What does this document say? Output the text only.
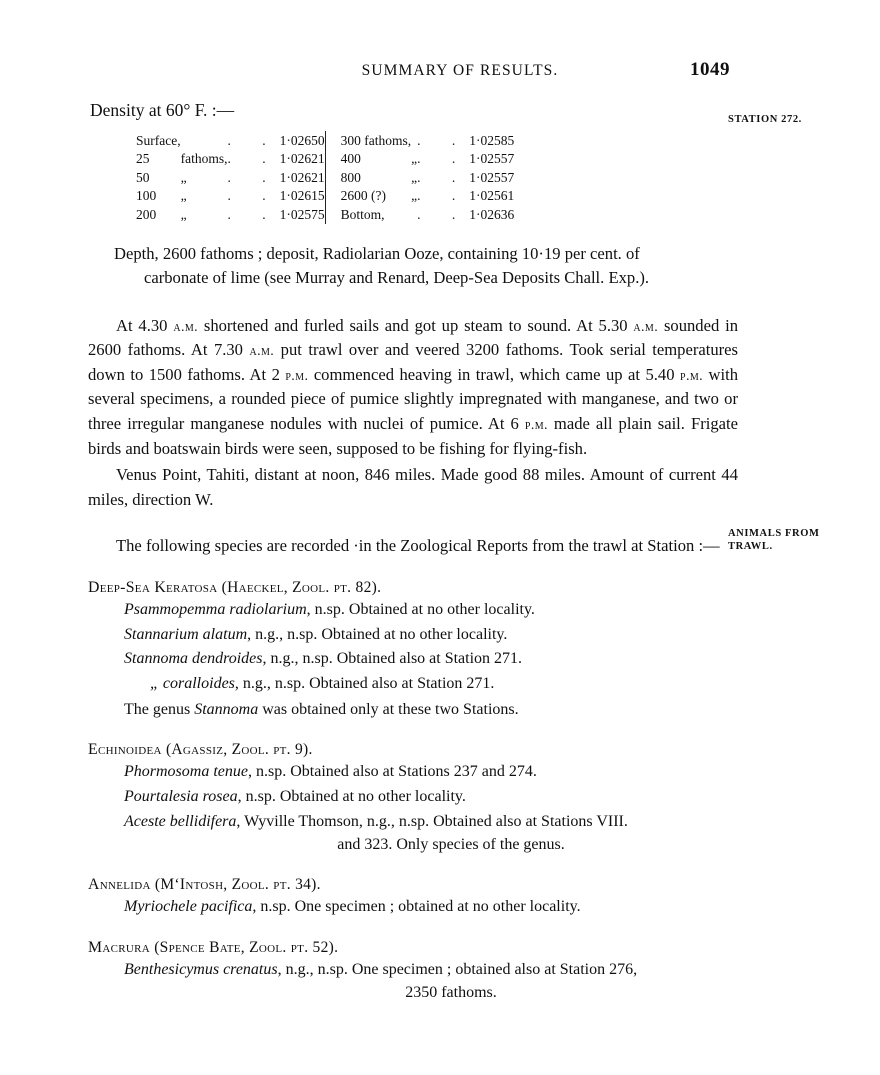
SUMMARY OF RESULTS.	1049
STATION 272.
ANIMALS FROM TRAWL.
Density at 60° F. :—
Surface,		. .	1·02650		300 fathoms,		. .	1·02585
25	fathoms,	. .	1·02621		400	„	. .	1·02557
50	„	. .	1·02621		800	„	. .	1·02557
100	„	. .	1·02615		2600 (?)	„	. .	1·02561
200	„	. .	1·02575		Bottom,		. .	1·02636
Depth, 2600 fathoms ; deposit, Radiolarian Ooze, containing 10·19 per cent. of
carbonate of lime (see Murray and Renard, Deep-Sea Deposits Chall. Exp.).

At 4.30 a.m. shortened and furled sails and got up steam to sound. At 5.30 a.m. sounded in 2600 fathoms. At 7.30 a.m. put trawl over and veered 3200 fathoms. Took serial temperatures down to 1500 fathoms. At 2 p.m. commenced heaving in trawl, which came up at 5.40 p.m. with several specimens, a rounded piece of pumice slightly impregnated with manganese, and two or three irregular manganese nodules with nuclei of pumice. At 6 p.m. made all plain sail. Frigate birds and boatswain birds were seen, supposed to be fishing for flying-fish.

Venus Point, Tahiti, distant at noon, 846 miles. Made good 88 miles. Amount of current 44 miles, direction W.

The following species are recorded ·in the Zoological Reports from the trawl at Station :—
Deep-Sea Keratosa (Haeckel, Zool. pt. 82).
Psammopemma radiolarium, n.sp. Obtained at no other locality.
Stannarium alatum, n.g., n.sp. Obtained at no other locality.
Stannoma dendroides, n.g., n.sp. Obtained also at Station 271.
„ coralloides, n.g., n.sp. Obtained also at Station 271.
The genus Stannoma was obtained only at these two Stations.
Echinoidea (Agassiz, Zool. pt. 9).
Phormosoma tenue, n.sp. Obtained also at Stations 237 and 274.
Pourtalesia rosea, n.sp. Obtained at no other locality.
Aceste bellidifera, Wyville Thomson, n.g., n.sp. Obtained also at Stations VIII.
and 323. Only species of the genus.
Annelida (M‘Intosh, Zool. pt. 34).
Myriochele pacifica, n.sp. One specimen ; obtained at no other locality.
Macrura (Spence Bate, Zool. pt. 52).
Benthesicymus crenatus, n.g., n.sp. One specimen ; obtained also at Station 276,
2350 fathoms.
